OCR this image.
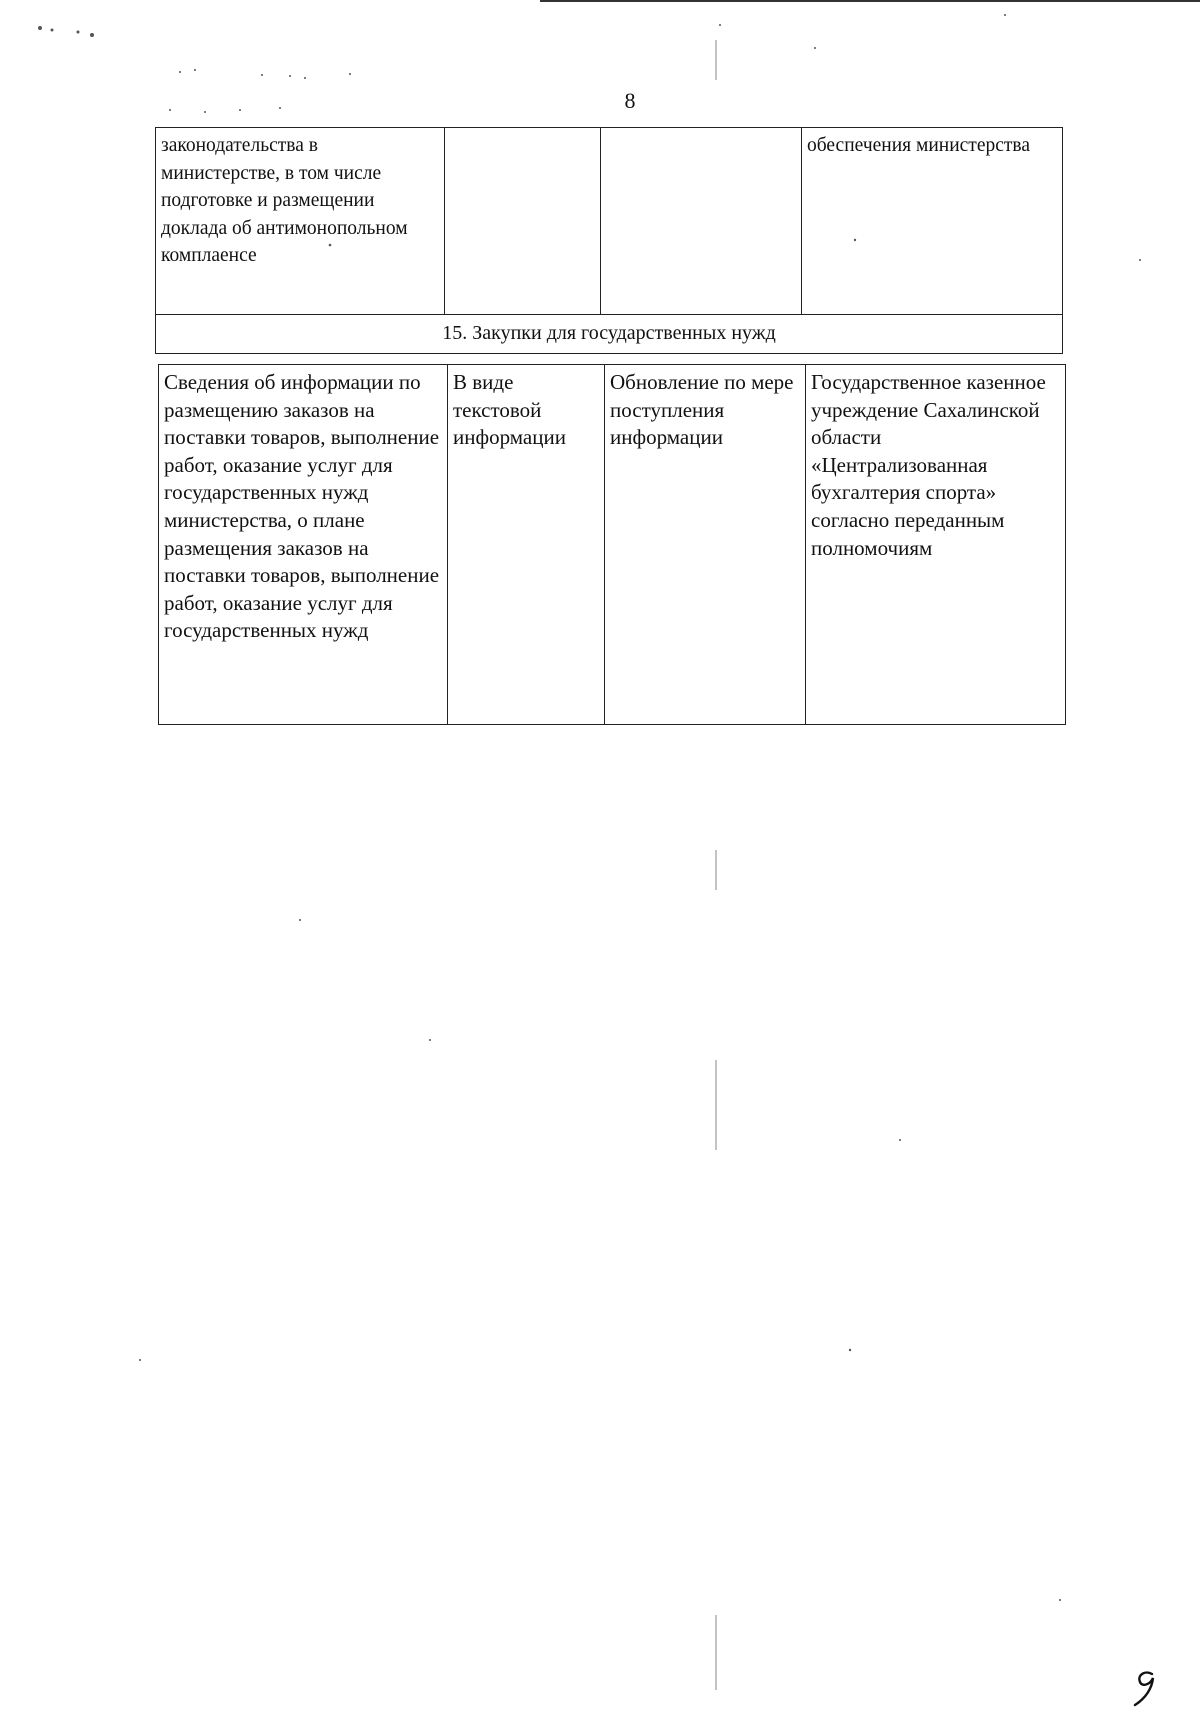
8
законодательства в министерстве, в том числе подготовке и размещении доклада об антимонопольном комплаенсе			обеспечения министерства
15. Закупки для государственных нужд
Сведения об информации по размещению заказов на поставки товаров, выполнение работ, оказание услуг для государственных нужд министерства, о плане размещения заказов на поставки товаров, выполнение работ, оказание услуг для государственных нужд	В виде текстовой информации	Обновление по мере поступления информации	Государственное казенное учреждение Сахалинской области «Централизованная бухгалтерия спорта» согласно переданным полномочиям
